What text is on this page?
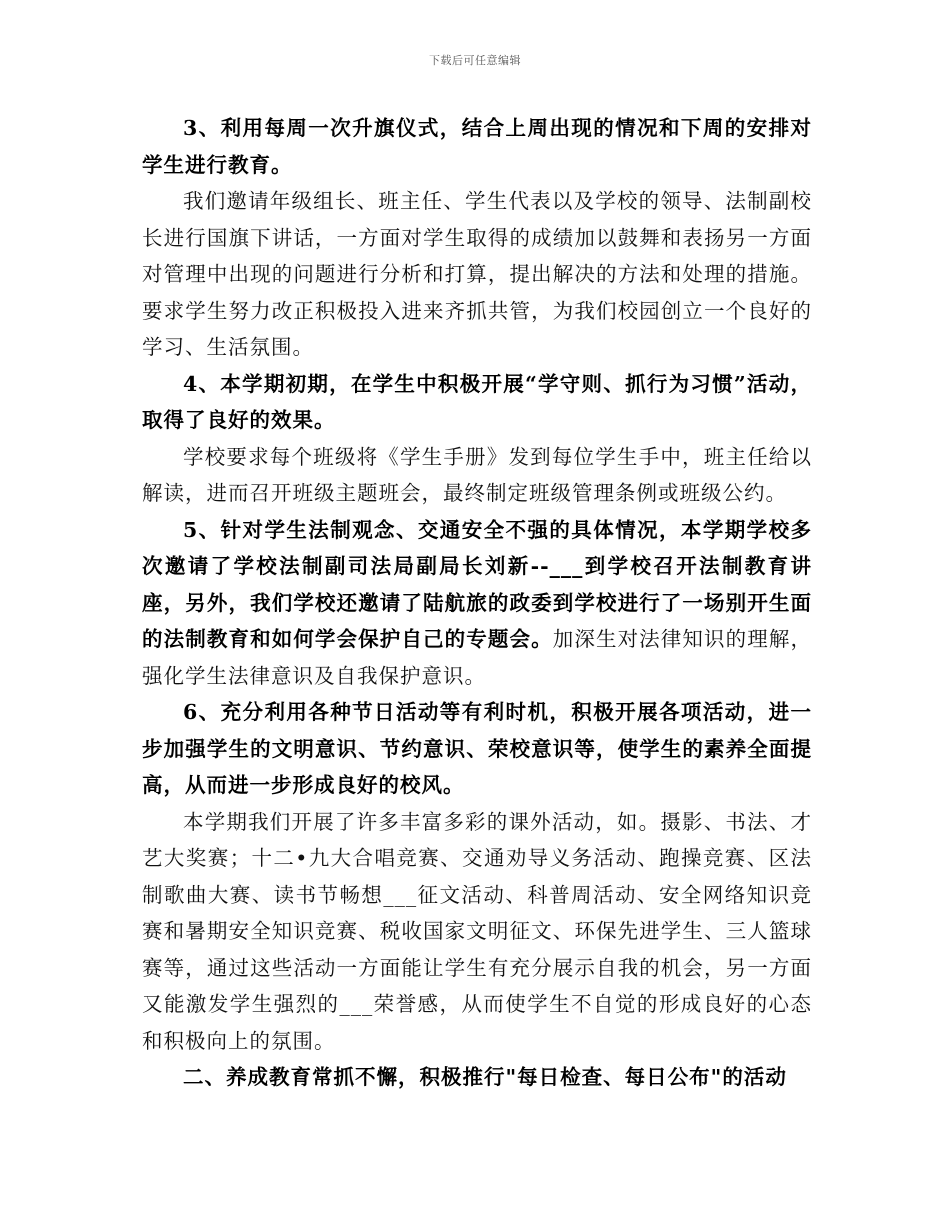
下载后可任意编辑

3、利用每周一次升旗仪式，结合上周出现的情况和下周的安排对学生进行教育。

我们邀请年级组长、班主任、学生代表以及学校的领导、法制副校长进行国旗下讲话，一方面对学生取得的成绩加以鼓舞和表扬另一方面对管理中出现的问题进行分析和打算，提出解决的方法和处理的措施。要求学生努力改正积极投入进来齐抓共管，为我们校园创立一个良好的学习、生活氛围。

4、本学期初期，在学生中积极开展“学守则、抓行为习惯”活动，取得了良好的效果。

学校要求每个班级将《学生手册》发到每位学生手中，班主任给以解读，进而召开班级主题班会，最终制定班级管理条例或班级公约。

5、针对学生法制观念、交通安全不强的具体情况，本学期学校多次邀请了学校法制副司法局副局长刘新--___到学校召开法制教育讲座，另外，我们学校还邀请了陆航旅的政委到学校进行了一场别开生面的法制教育和如何学会保护自己的专题会。加深生对法律知识的理解，强化学生法律意识及自我保护意识。

6、充分利用各种节日活动等有利时机，积极开展各项活动，进一步加强学生的文明意识、节约意识、荣校意识等，使学生的素养全面提高，从而进一步形成良好的校风。

本学期我们开展了许多丰富多彩的课外活动，如。摄影、书法、才艺大奖赛；十二•九大合唱竞赛、交通劝导义务活动、跑操竞赛、区法制歌曲大赛、读书节畅想___征文活动、科普周活动、安全网络知识竞赛和暑期安全知识竞赛、税收国家文明征文、环保先进学生、三人篮球赛等，通过这些活动一方面能让学生有充分展示自我的机会，另一方面又能激发学生强烈的___荣誉感，从而使学生不自觉的形成良好的心态和积极向上的氛围。

二、养成教育常抓不懈，积极推行"每日检查、每日公布"的活动
